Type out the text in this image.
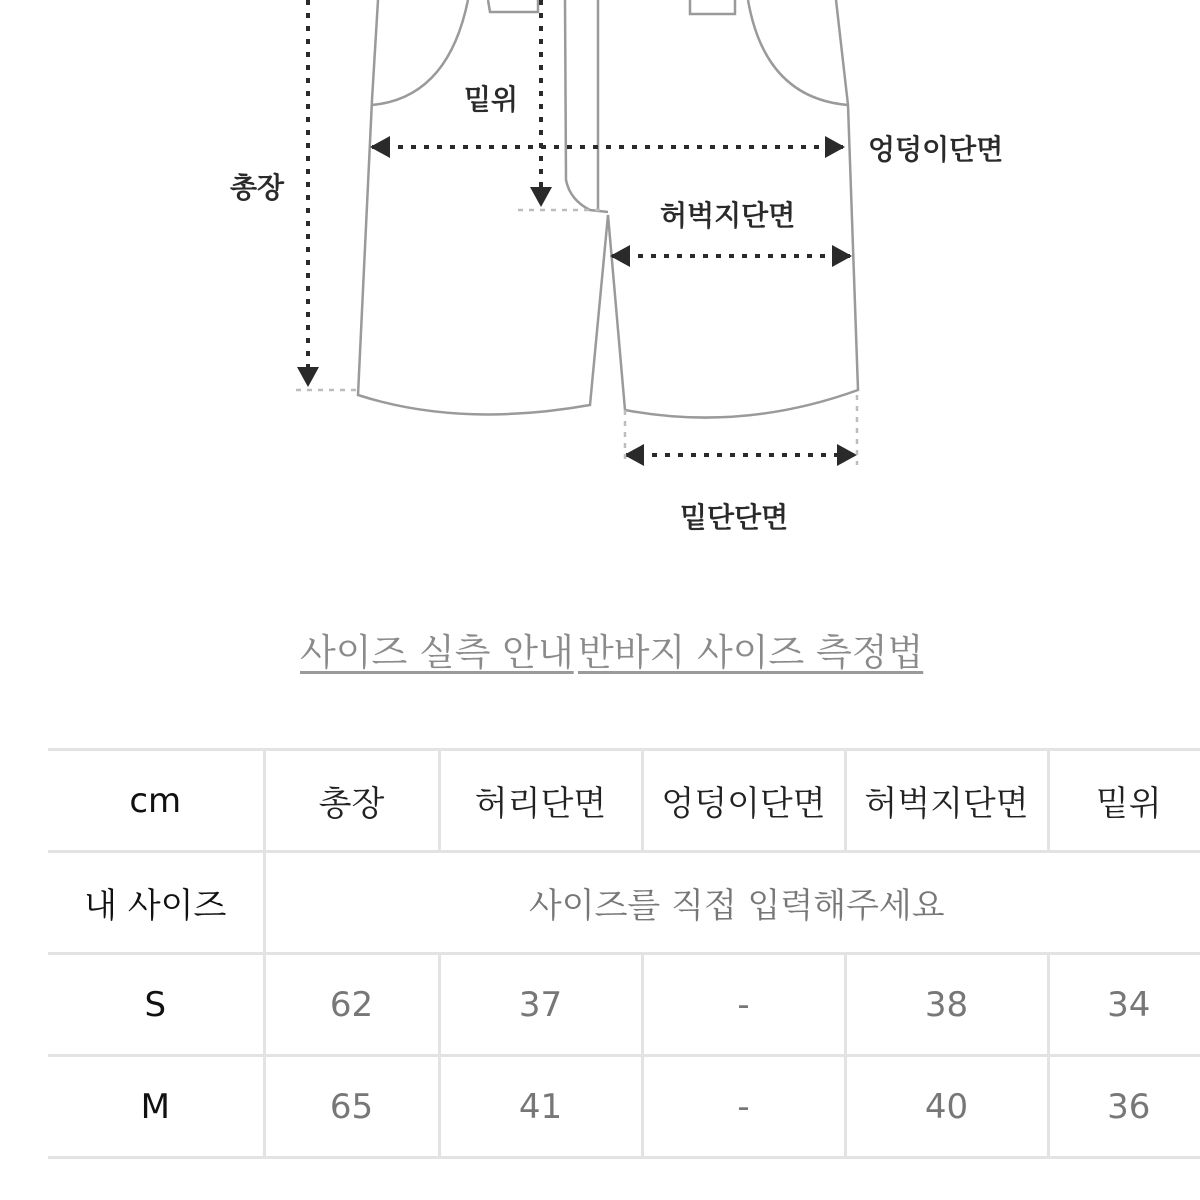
밑위
엉덩이단면
총장
허벅지단면
밑단단면
사이즈 실측 안내 반바지 사이즈 측정법
cm	총장	허리단면	엉덩이단면	허벅지단면	밑위
내 사이즈	사이즈를 직접 입력해주세요				
S	62	37	-	38	34
M	65	41	-	40	36
